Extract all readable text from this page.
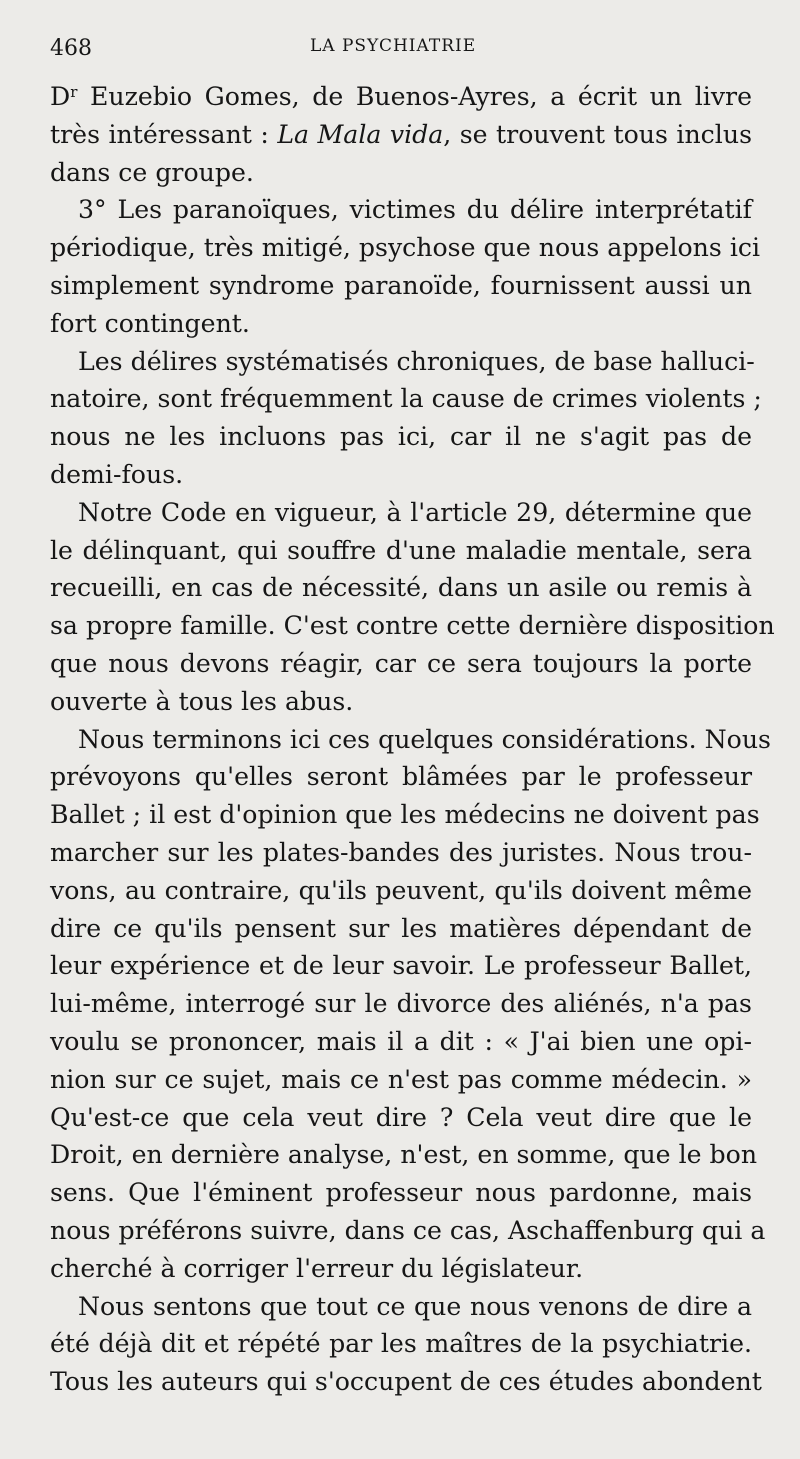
468	LA PSYCHIATRIE
$D^r$ Euzebio Gomes, de Buenos-Ayres, a écrit un livre
très intéressant : La Mala vida, se trouvent tous inclus
dans ce groupe.
3° Les paranoïques, victimes du délire interprétatif
périodique, très mitigé, psychose que nous appelons ici
simplement syndrome paranoïde, fournissent aussi un
fort contingent.
Les délires systématisés chroniques, de base halluci-
natoire, sont fréquemment la cause de crimes violents ;
nous ne les incluons pas ici, car il ne s'agit pas de
demi-fous.
Notre Code en vigueur, à l'article 29, détermine que
le délinquant, qui souffre d'une maladie mentale, sera
recueilli, en cas de nécessité, dans un asile ou remis à
sa propre famille. C'est contre cette dernière disposition
que nous devons réagir, car ce sera toujours la porte
ouverte à tous les abus.
Nous terminons ici ces quelques considérations. Nous
prévoyons qu'elles seront blâmées par le professeur
Ballet ; il est d'opinion que les médecins ne doivent pas
marcher sur les plates-bandes des juristes. Nous trou-
vons, au contraire, qu'ils peuvent, qu'ils doivent même
dire ce qu'ils pensent sur les matières dépendant de
leur expérience et de leur savoir. Le professeur Ballet,
lui-même, interrogé sur le divorce des aliénés, n'a pas
voulu se prononcer, mais il a dit : « J'ai bien une opi-
nion sur ce sujet, mais ce n'est pas comme médecin. »
Qu'est-ce que cela veut dire ? Cela veut dire que le
Droit, en dernière analyse, n'est, en somme, que le bon
sens. Que l'éminent professeur nous pardonne, mais
nous préférons suivre, dans ce cas, Aschaffenburg qui a
cherché à corriger l'erreur du législateur.
Nous sentons que tout ce que nous venons de dire a
été déjà dit et répété par les maîtres de la psychiatrie.
Tous les auteurs qui s'occupent de ces études abondent
